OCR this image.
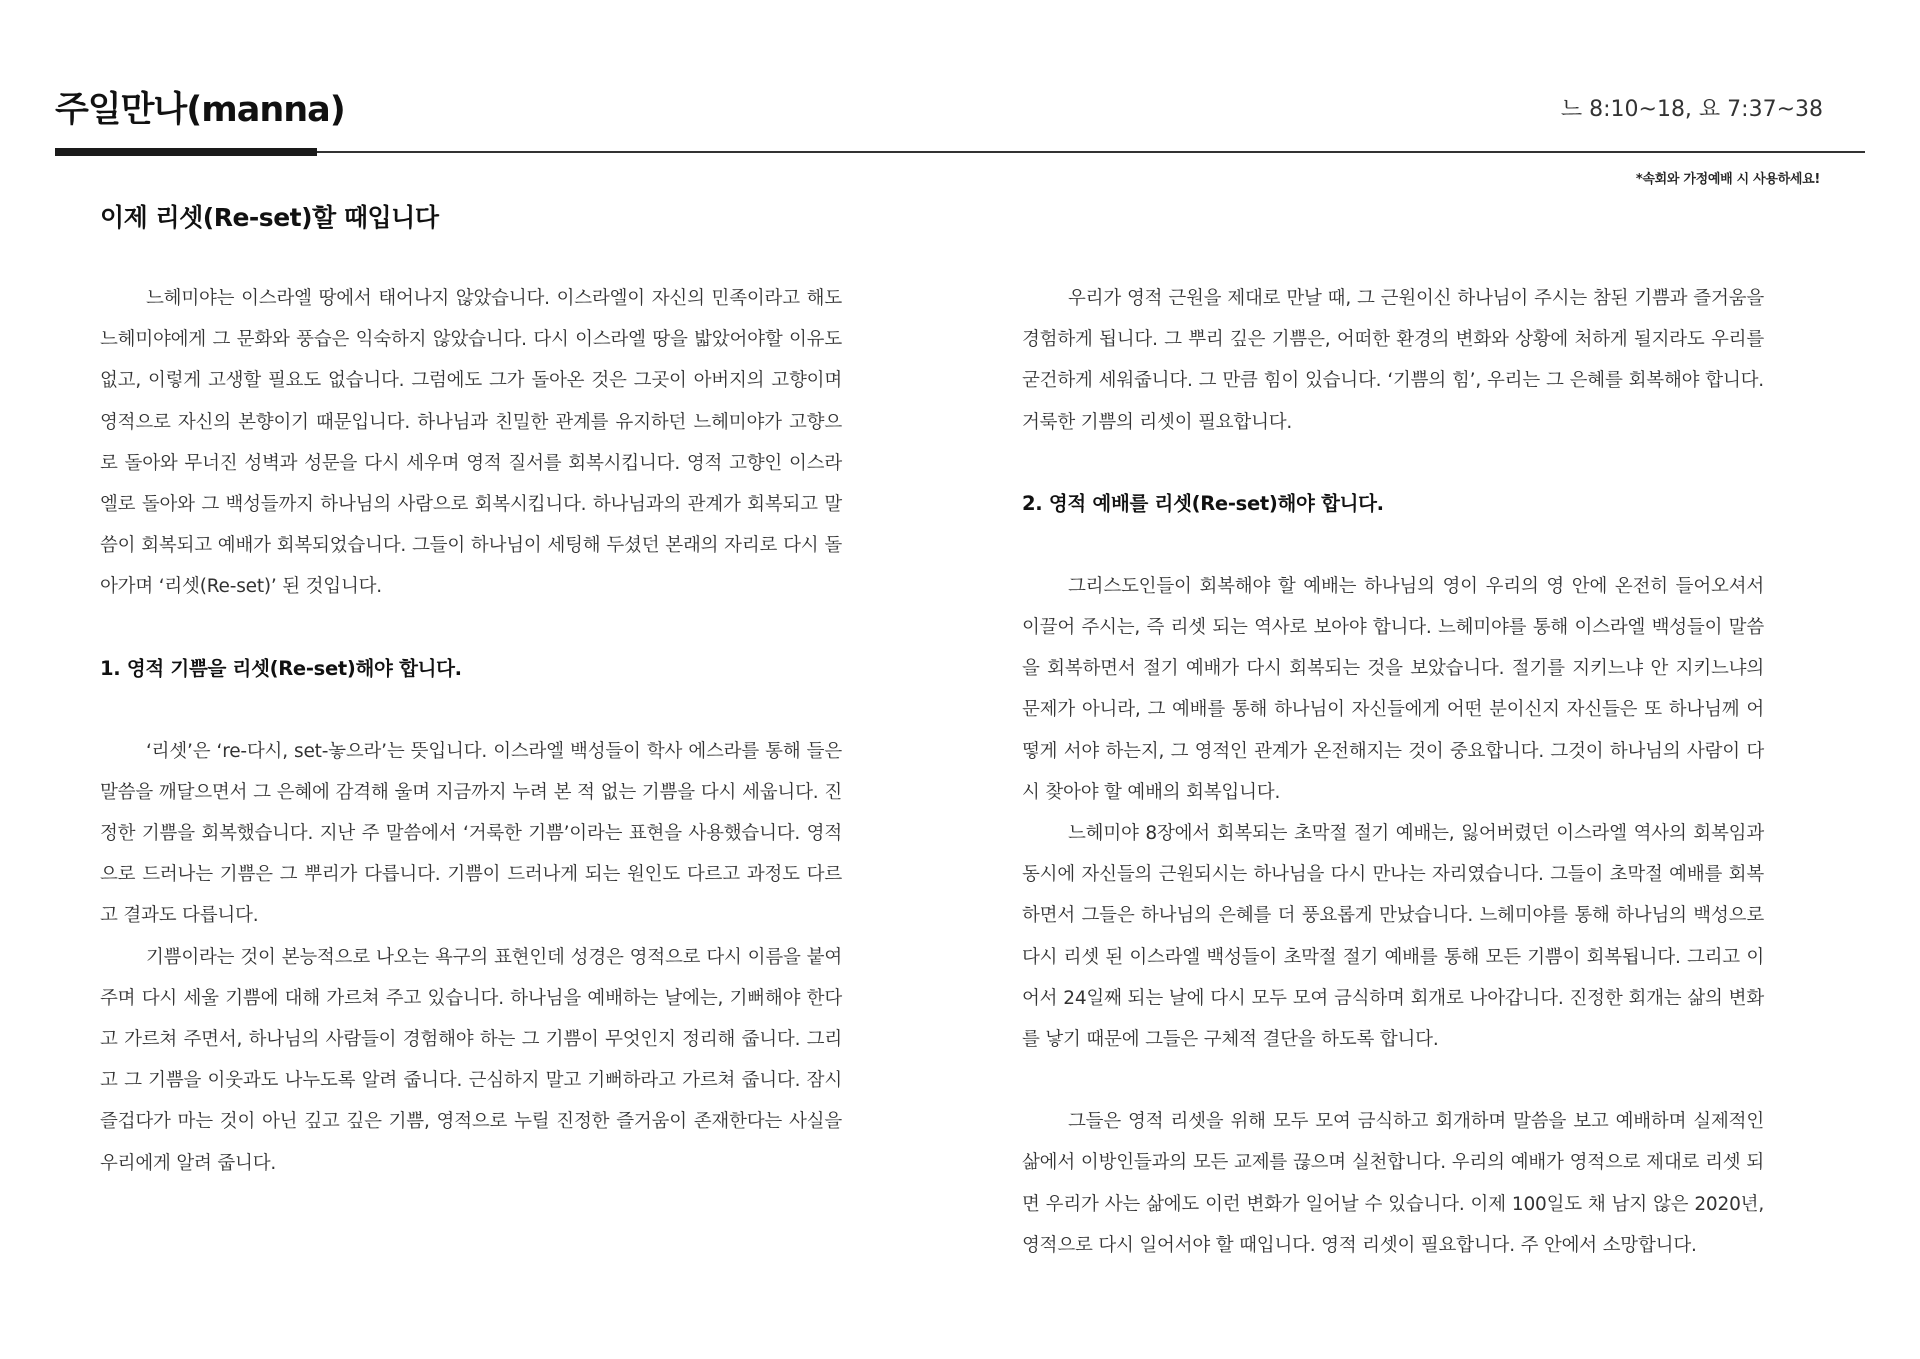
주일만나(manna)	느 8:10~18, 요 7:37~38
*속회와 가정예배 시 사용하세요!
이제 리셋(Re-set)할 때입니다

느헤미야는 이스라엘 땅에서 태어나지 않았습니다. 이스라엘이 자신의 민족이라고 해도 느헤미야에게 그 문화와 풍습은 익숙하지 않았습니다. 다시 이스라엘 땅을 밟았어야할 이유도 없고, 이렇게 고생할 필요도 없습니다. 그럼에도 그가 돌아온 것은 그곳이 아버지의 고향이며 영적으로 자신의 본향이기 때문입니다. 하나님과 친밀한 관계를 유지하던 느헤미야가 고향으로 돌아와 무너진 성벽과 성문을 다시 세우며 영적 질서를 회복시킵니다. 영적 고향인 이스라엘로 돌아와 그 백성들까지 하나님의 사람으로 회복시킵니다. 하나님과의 관계가 회복되고 말씀이 회복되고 예배가 회복되었습니다. 그들이 하나님이 세팅해 두셨던 본래의 자리로 다시 돌아가며 ‘리셋(Re-set)’ 된 것입니다.

1. 영적 기쁨을 리셋(Re-set)해야 합니다.

‘리셋’은 ‘re-다시, set-놓으라’는 뜻입니다. 이스라엘 백성들이 학사 에스라를 통해 들은 말씀을 깨달으면서 그 은혜에 감격해 울며 지금까지 누려 본 적 없는 기쁨을 다시 세웁니다. 진정한 기쁨을 회복했습니다. 지난 주 말씀에서 ‘거룩한 기쁨’이라는 표현을 사용했습니다. 영적으로 드러나는 기쁨은 그 뿌리가 다릅니다. 기쁨이 드러나게 되는 원인도 다르고 과정도 다르고 결과도 다릅니다.

기쁨이라는 것이 본능적으로 나오는 욕구의 표현인데 성경은 영적으로 다시 이름을 붙여 주며 다시 세울 기쁨에 대해 가르쳐 주고 있습니다. 하나님을 예배하는 날에는, 기뻐해야 한다고 가르쳐 주면서, 하나님의 사람들이 경험해야 하는 그 기쁨이 무엇인지 정리해 줍니다. 그리고 그 기쁨을 이웃과도 나누도록 알려 줍니다. 근심하지 말고 기뻐하라고 가르쳐 줍니다. 잠시 즐겁다가 마는 것이 아닌 깊고 깊은 기쁨, 영적으로 누릴 진정한 즐거움이 존재한다는 사실을 우리에게 알려 줍니다.

우리가 영적 근원을 제대로 만날 때, 그 근원이신 하나님이 주시는 참된 기쁨과 즐거움을 경험하게 됩니다. 그 뿌리 깊은 기쁨은, 어떠한 환경의 변화와 상황에 처하게 될지라도 우리를 굳건하게 세워줍니다. 그 만큼 힘이 있습니다. ‘기쁨의 힘’, 우리는 그 은혜를 회복해야 합니다. 거룩한 기쁨의 리셋이 필요합니다.

2. 영적 예배를 리셋(Re-set)해야 합니다.

그리스도인들이 회복해야 할 예배는 하나님의 영이 우리의 영 안에 온전히 들어오셔서 이끌어 주시는, 즉 리셋 되는 역사로 보아야 합니다. 느헤미야를 통해 이스라엘 백성들이 말씀을 회복하면서 절기 예배가 다시 회복되는 것을 보았습니다. 절기를 지키느냐 안 지키느냐의 문제가 아니라, 그 예배를 통해 하나님이 자신들에게 어떤 분이신지 자신들은 또 하나님께 어떻게 서야 하는지, 그 영적인 관계가 온전해지는 것이 중요합니다. 그것이 하나님의 사람이 다시 찾아야 할 예배의 회복입니다.

느헤미야 8장에서 회복되는 초막절 절기 예배는, 잃어버렸던 이스라엘 역사의 회복임과 동시에 자신들의 근원되시는 하나님을 다시 만나는 자리였습니다. 그들이 초막절 예배를 회복하면서 그들은 하나님의 은혜를 더 풍요롭게 만났습니다. 느헤미야를 통해 하나님의 백성으로 다시 리셋 된 이스라엘 백성들이 초막절 절기 예배를 통해 모든 기쁨이 회복됩니다. 그리고 이어서 24일째 되는 날에 다시 모두 모여 금식하며 회개로 나아갑니다. 진정한 회개는 삶의 변화를 낳기 때문에 그들은 구체적 결단을 하도록 합니다.

그들은 영적 리셋을 위해 모두 모여 금식하고 회개하며 말씀을 보고 예배하며 실제적인 삶에서 이방인들과의 모든 교제를 끊으며 실천합니다. 우리의 예배가 영적으로 제대로 리셋 되면 우리가 사는 삶에도 이런 변화가 일어날 수 있습니다. 이제 100일도 채 남지 않은 2020년, 영적으로 다시 일어서야 할 때입니다. 영적 리셋이 필요합니다. 주 안에서 소망합니다.
